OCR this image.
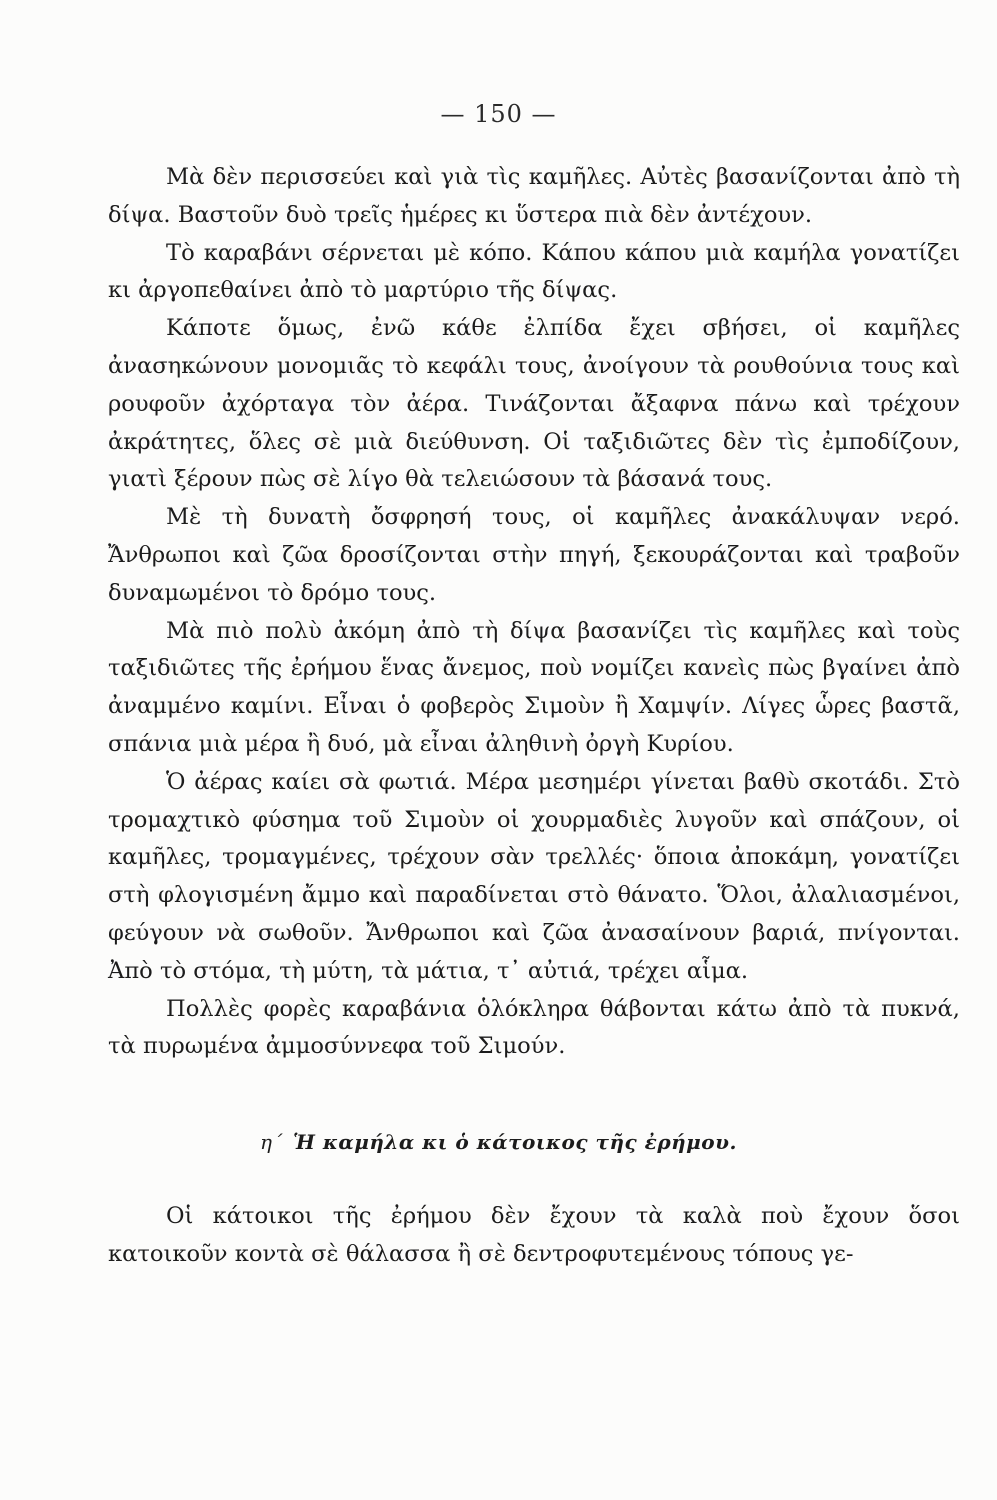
— 150 —

Μὰ δὲν περισσεύει καὶ γιὰ τὶς καμῆλες. Αὐτὲς βασανίζονται ἀπὸ τὴ δίψα. Βαστοῦν δυὸ τρεῖς ἡμέρες κι ὕστερα πιὰ δὲν ἀντέχουν.

Τὸ καραβάνι σέρνεται μὲ κόπο. Κάπου κάπου μιὰ καμήλα γονατίζει κι ἀργοπεθαίνει ἀπὸ τὸ μαρτύριο τῆς δίψας.

Κάποτε ὅμως, ἐνῶ κάθε ἐλπίδα ἔχει σβήσει, οἱ καμῆλες ἀνασηκώνουν μονομιᾶς τὸ κεφάλι τους, ἀνοίγουν τὰ ρουθούνια τους καὶ ρουφοῦν ἀχόρταγα τὸν ἀέρα. Τινάζονται ἄξαφνα πάνω καὶ τρέχουν ἀκράτητες, ὅλες σὲ μιὰ διεύθυνση. Οἱ ταξιδιῶτες δὲν τὶς ἐμποδίζουν, γιατὶ ξέρουν πὼς σὲ λίγο θὰ τελειώσουν τὰ βάσανά τους.

Μὲ τὴ δυνατὴ ὄσφρησή τους, οἱ καμῆλες ἀνακάλυψαν νερό. Ἄνθρωποι καὶ ζῶα δροσίζονται στὴν πηγή, ξεκουράζονται καὶ τραβοῦν δυναμωμένοι τὸ δρόμο τους.

Μὰ πιὸ πολὺ ἀκόμη ἀπὸ τὴ δίψα βασανίζει τὶς καμῆλες καὶ τοὺς ταξιδιῶτες τῆς ἐρήμου ἕνας ἄνεμος, ποὺ νομίζει κανεὶς πὼς βγαίνει ἀπὸ ἀναμμένο καμίνι. Εἶναι ὁ φοβερὸς Σιμοὺν ἢ Χαμψίν. Λίγες ὧρες βαστᾶ, σπάνια μιὰ μέρα ἢ δυό, μὰ εἶναι ἀληθινὴ ὀργὴ Κυρίου.

Ὁ ἀέρας καίει σὰ φωτιά. Μέρα μεσημέρι γίνεται βαθὺ σκοτάδι. Στὸ τρομαχτικὸ φύσημα τοῦ Σιμοὺν οἱ χουρμαδιὲς λυγοῦν καὶ σπάζουν, οἱ καμῆλες, τρομαγμένες, τρέχουν σὰν τρελλές· ὅποια ἀποκάμη, γονατίζει στὴ φλογισμένη ἄμμο καὶ παραδίνεται στὸ θάνατο. Ὅλοι, ἀλαλιασμένοι, φεύγουν νὰ σωθοῦν. Ἄνθρωποι καὶ ζῶα ἀνασαίνουν βαριά, πνίγονται. Ἀπὸ τὸ στόμα, τὴ μύτη, τὰ μάτια, τ᾿ αὐτιά, τρέχει αἷμα.

Πολλὲς φορὲς καραβάνια ὁλόκληρα θάβονται κάτω ἀπὸ τὰ πυκνά, τὰ πυρωμένα ἀμμοσύννεφα τοῦ Σιμούν.

η΄ Ἡ καμήλα κι ὁ κάτοικος τῆς ἐρήμου.

Οἱ κάτοικοι τῆς ἐρήμου δὲν ἔχουν τὰ καλὰ ποὺ ἔχουν ὅσοι κατοικοῦν κοντὰ σὲ θάλασσα ἢ σὲ δεντροφυτεμένους τόπους γε-
